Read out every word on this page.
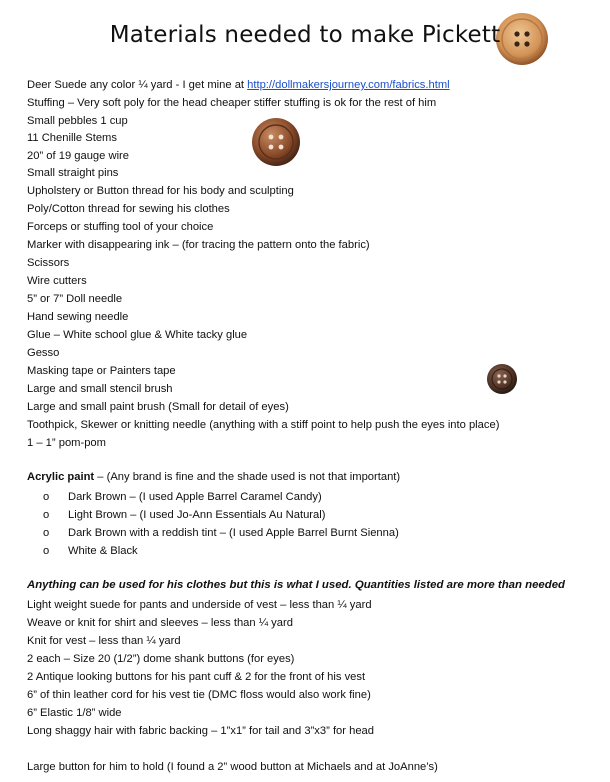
Materials needed to make Pickett
Deer Suede any color ¼ yard - I get mine at http://dollmakersjourney.com/fabrics.html
Stuffing – Very soft poly for the head cheaper stiffer stuffing is ok for the rest of him
Small pebbles 1 cup
11 Chenille Stems
20” of 19 gauge wire
Small straight pins
Upholstery or Button thread for his body and sculpting
Poly/Cotton thread for sewing his clothes
Forceps or stuffing tool of your choice
Marker with disappearing ink – (for tracing the pattern onto the fabric)
Scissors
Wire cutters
5” or 7” Doll needle
Hand sewing needle
Glue – White school glue & White tacky glue
Gesso
Masking tape or Painters tape
Large and small stencil brush
Large and small paint brush (Small for detail of eyes)
Toothpick, Skewer or knitting needle (anything with a stiff point to help push the eyes into place)
1 – 1” pom-pom
Acrylic paint – (Any brand is fine and the shade used is not that important)
o Dark Brown – (I used Apple Barrel Caramel Candy)
o Light Brown – (I used Jo-Ann Essentials Au Natural)
o Dark Brown with a reddish tint – (I used Apple Barrel Burnt Sienna)
o White & Black
Anything can be used for his clothes but this is what I used. Quantities listed are more than needed
Light weight suede for pants and underside of vest – less than ¼ yard
Weave or knit for shirt and sleeves – less than ¼ yard
Knit for vest – less than ¼ yard
2 each – Size 20 (1/2”) dome shank buttons (for eyes)
2 Antique looking buttons for his pant cuff & 2 for the front of his vest
6” of thin leather cord for his vest tie (DMC floss would also work fine)
6” Elastic 1/8” wide
Long shaggy hair with fabric backing – 1”x1” for tail and 3”x3” for head
Large button for him to hold (I found a 2” wood button at Michaels and at JoAnne’s)
